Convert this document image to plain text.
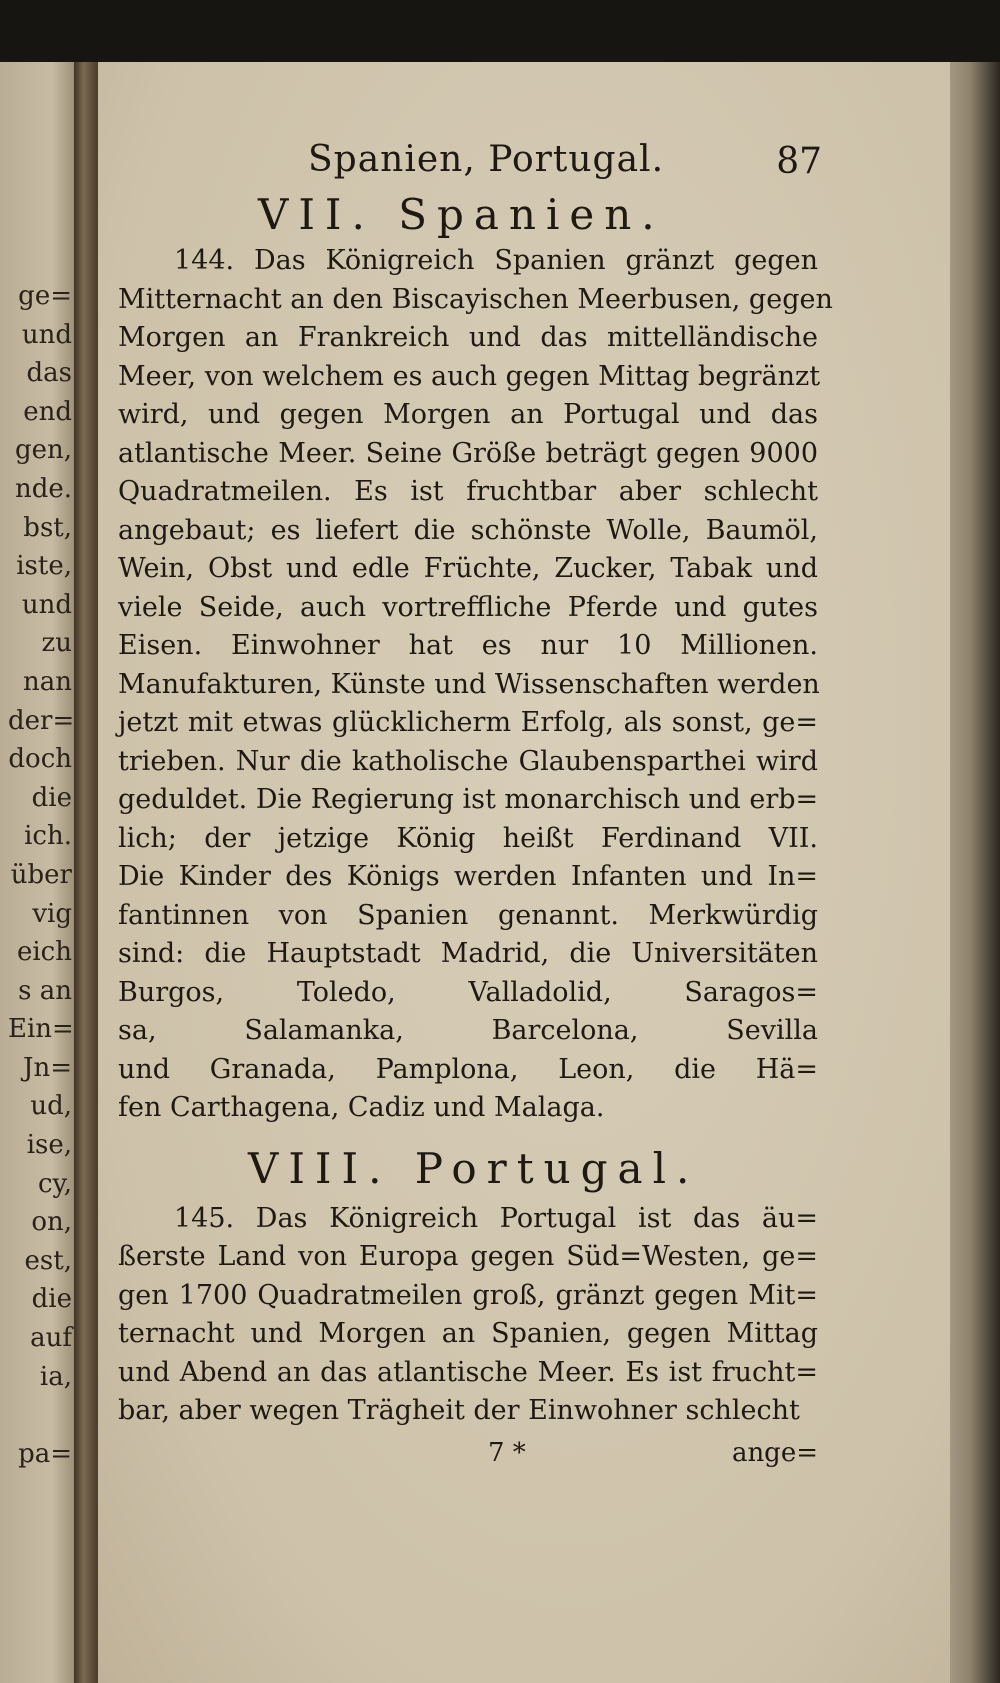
ge=
und
das
end
gen,
nde.
bst,
iste,
und
zu
nan
der=
doch
die
ich.
über
vig
eich
s an
Ein=
Jn=
ud,
ise,
cy,
on,
est,
die
auf
ia,
pa=
Spanien, Portugal.	87
VII. Spanien.
144. Das Königreich Spanien gränzt gegen
Mitternacht an den Biscayischen Meerbusen, gegen
Morgen an Frankreich und das mittelländische
Meer, von welchem es auch gegen Mittag begränzt
wird, und gegen Morgen an Portugal und das
atlantische Meer. Seine Größe beträgt gegen 9000
Quadratmeilen. Es ist fruchtbar aber schlecht
angebaut; es liefert die schönste Wolle, Baumöl,
Wein, Obst und edle Früchte, Zucker, Tabak und
viele Seide, auch vortreffliche Pferde und gutes
Eisen. Einwohner hat es nur 10 Millionen.
Manufakturen, Künste und Wissenschaften werden
jetzt mit etwas glücklicherm Erfolg, als sonst, ge=
trieben. Nur die katholische Glaubensparthei wird
geduldet. Die Regierung ist monarchisch und erb=
lich; der jetzige König heißt Ferdinand VII.
Die Kinder des Königs werden Infanten und In=
fantinnen von Spanien genannt. Merkwürdig
sind: die Hauptstadt Madrid, die Universitäten
Burgos, Toledo, Valladolid, Saragos=
sa, Salamanka, Barcelona, Sevilla
und Granada, Pamplona, Leon, die Hä=
fen Carthagena, Cadiz und Malaga.
VIII. Portugal.
145. Das Königreich Portugal ist das äu=
ßerste Land von Europa gegen Süd=Westen, ge=
gen 1700 Quadratmeilen groß, gränzt gegen Mit=
ternacht und Morgen an Spanien, gegen Mittag
und Abend an das atlantische Meer. Es ist frucht=
bar, aber wegen Trägheit der Einwohner schlecht
7 *	ange=
